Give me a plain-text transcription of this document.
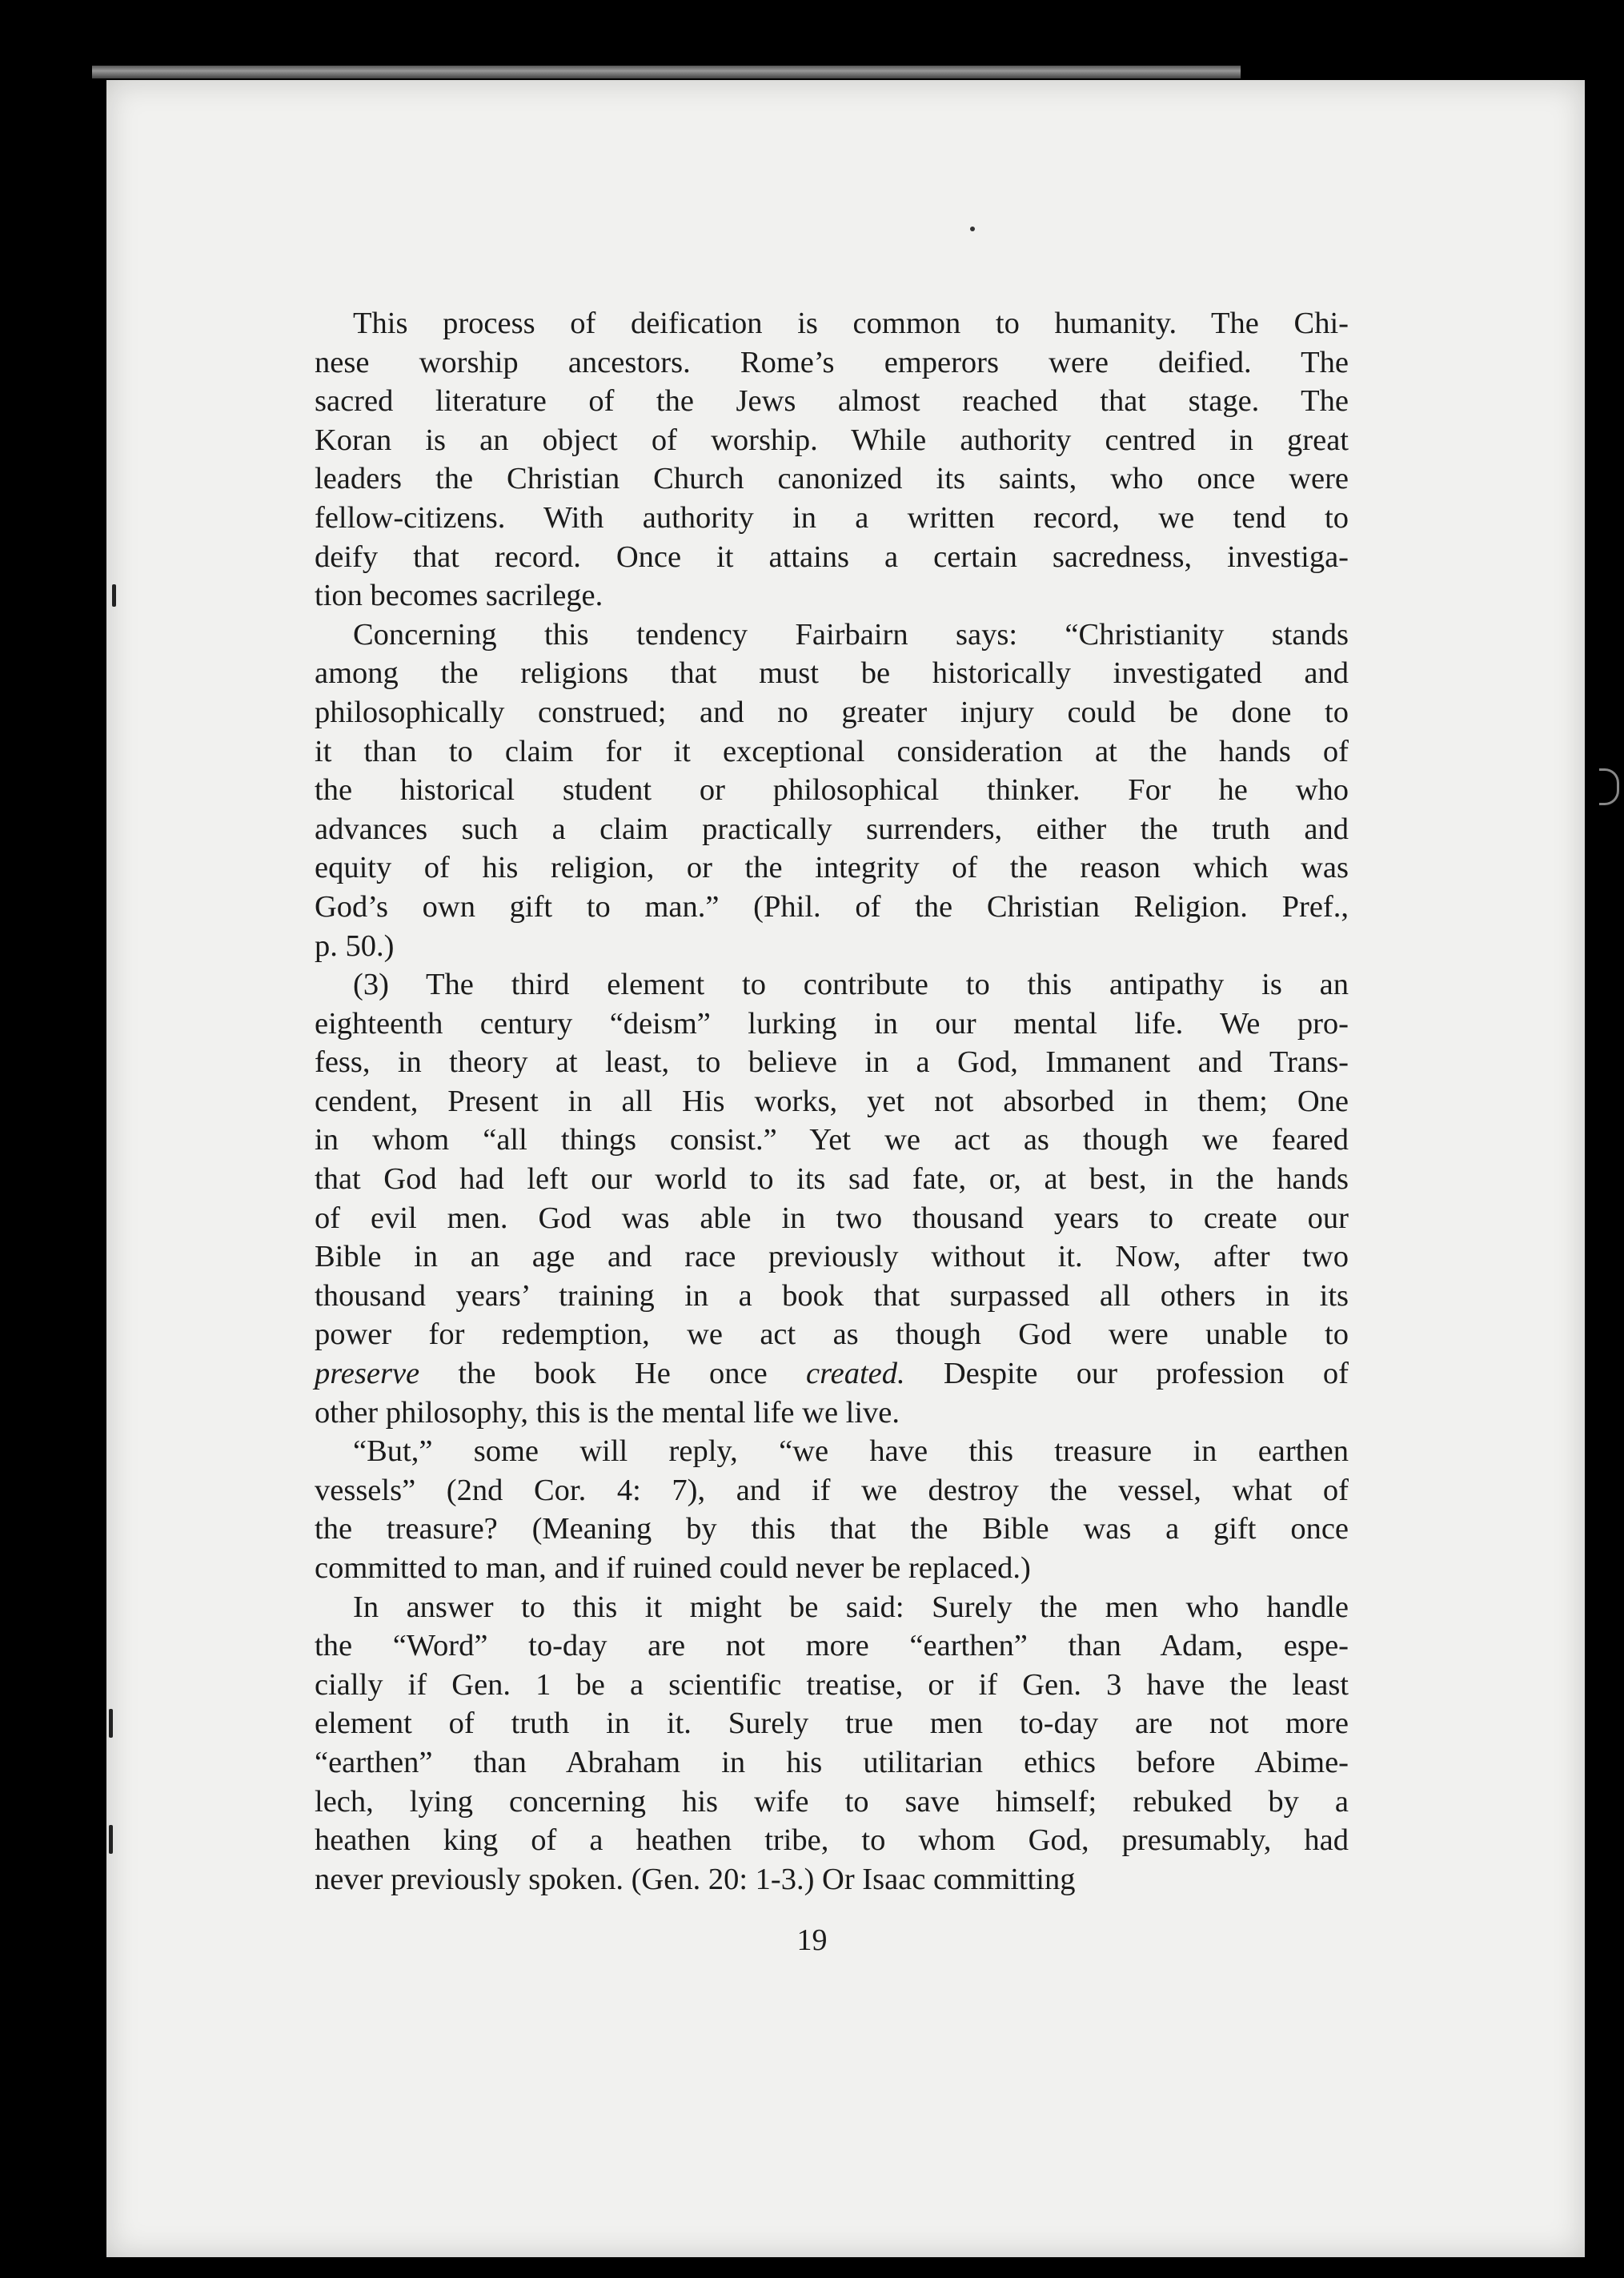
This process of deification is common to humanity. The Chi-
nese worship ancestors. Rome’s emperors were deified. The
sacred literature of the Jews almost reached that stage. The
Koran is an object of worship. While authority centred in great
leaders the Christian Church canonized its saints, who once were
fellow-citizens. With authority in a written record, we tend to
deify that record. Once it attains a certain sacredness, investiga-
tion becomes sacrilege.

Concerning this tendency Fairbairn says: “Christianity stands
among the religions that must be historically investigated and
philosophically construed; and no greater injury could be done to
it than to claim for it exceptional consideration at the hands of
the historical student or philosophical thinker. For he who
advances such a claim practically surrenders, either the truth and
equity of his religion, or the integrity of the reason which was
God’s own gift to man.” (Phil. of the Christian Religion. Pref.,
p. 50.)

(3) The third element to contribute to this antipathy is an
eighteenth century “deism” lurking in our mental life. We pro-
fess, in theory at least, to believe in a God, Immanent and Trans-
cendent, Present in all His works, yet not absorbed in them; One
in whom “all things consist.” Yet we act as though we feared
that God had left our world to its sad fate, or, at best, in the hands
of evil men. God was able in two thousand years to create our
Bible in an age and race previously without it. Now, after two
thousand years’ training in a book that surpassed all others in its
power for redemption, we act as though God were unable to
preserve the book He once created. Despite our profession of
other philosophy, this is the mental life we live.

“But,” some will reply, “we have this treasure in earthen
vessels” (2nd Cor. 4: 7), and if we destroy the vessel, what of
the treasure? (Meaning by this that the Bible was a gift once
committed to man, and if ruined could never be replaced.)

In answer to this it might be said: Surely the men who handle
the “Word” to-day are not more “earthen” than Adam, espe-
cially if Gen. 1 be a scientific treatise, or if Gen. 3 have the least
element of truth in it. Surely true men to-day are not more
“earthen” than Abraham in his utilitarian ethics before Abime-
lech, lying concerning his wife to save himself; rebuked by a
heathen king of a heathen tribe, to whom God, presumably, had
never previously spoken. (Gen. 20: 1-3.) Or Isaac committing

19
